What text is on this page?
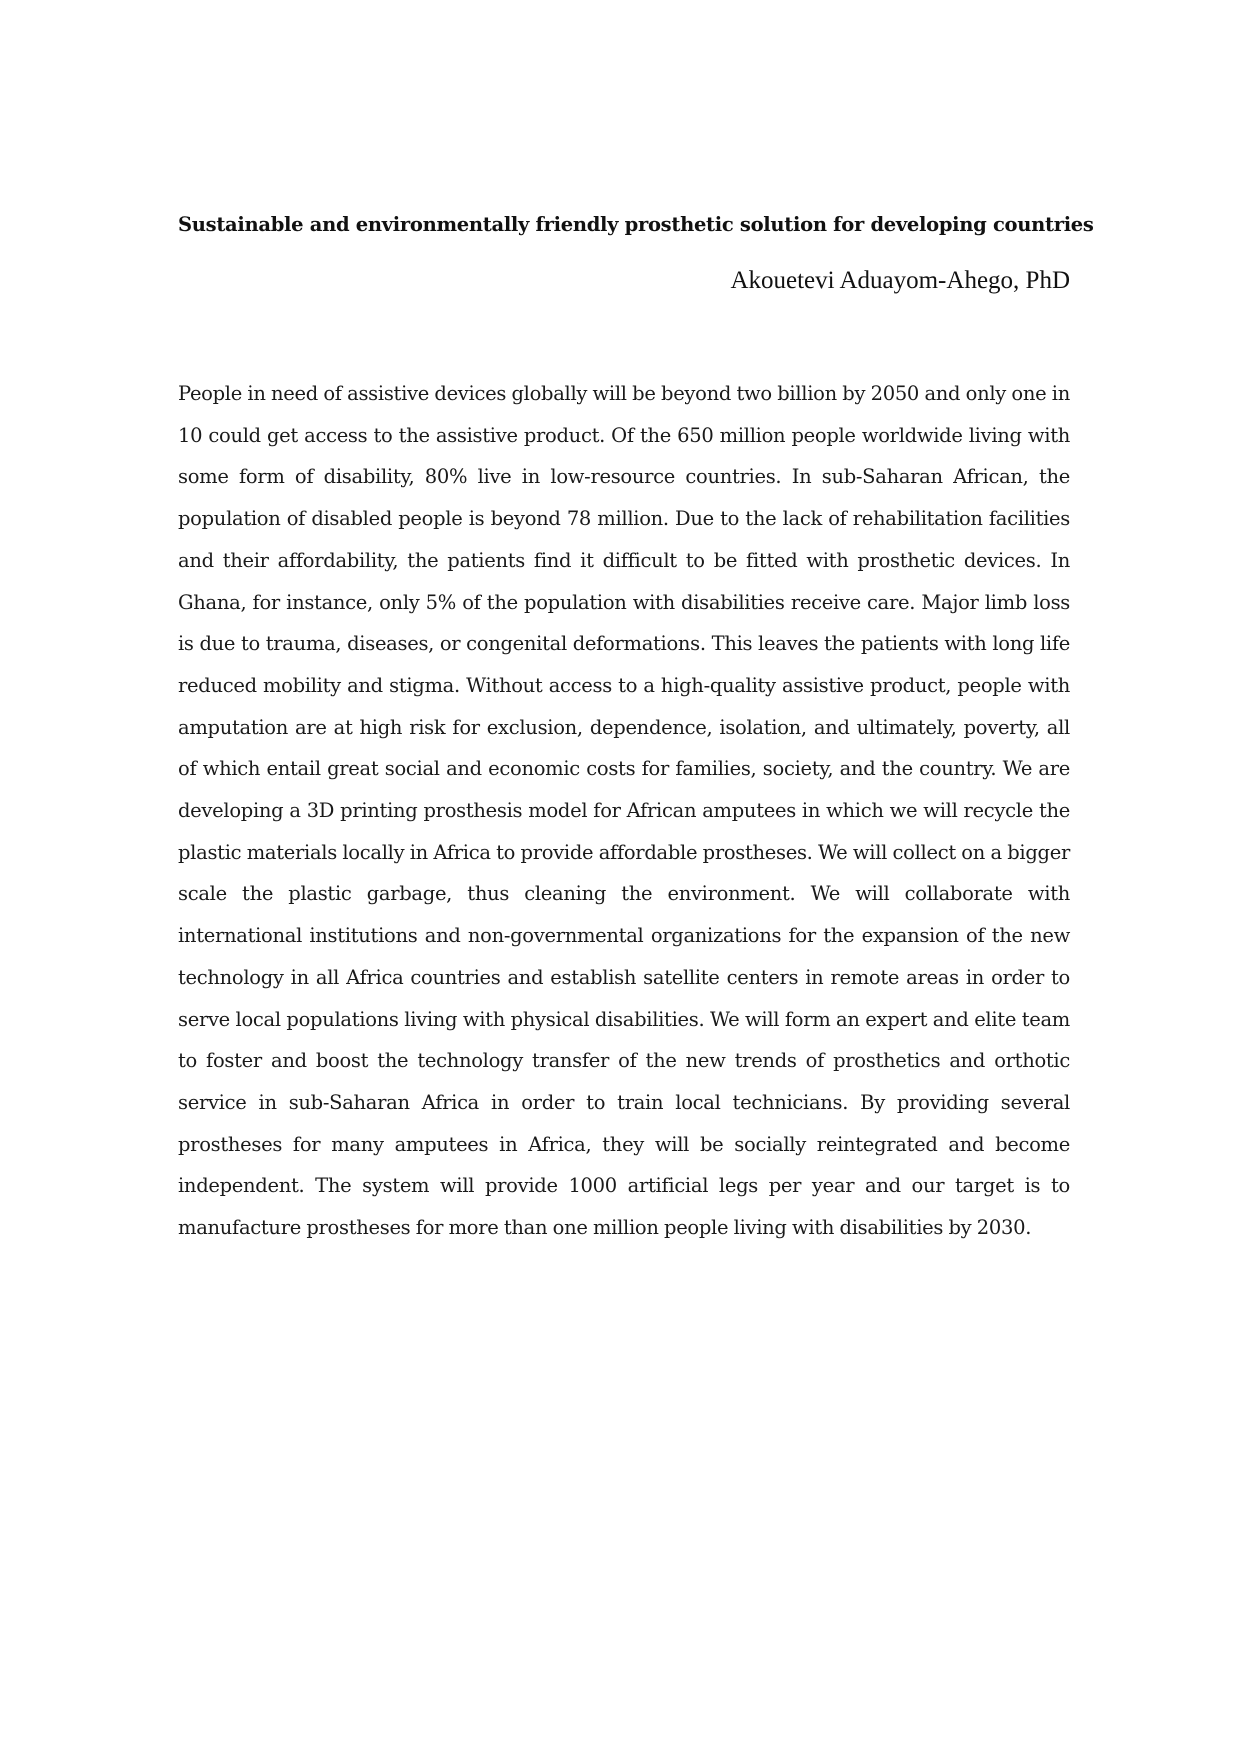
Sustainable and environmentally friendly prosthetic solution for developing countries
Akouetevi Aduayom-Ahego, PhD

People in need of assistive devices globally will be beyond two billion by 2050 and only one in 10 could get access to the assistive product. Of the 650 million people worldwide living with some form of disability, 80% live in low-resource countries. In sub-Saharan African, the population of disabled people is beyond 78 million. Due to the lack of rehabilitation facilities and their affordability, the patients find it difficult to be fitted with prosthetic devices. In Ghana, for instance, only 5% of the population with disabilities receive care. Major limb loss is due to trauma, diseases, or congenital deformations. This leaves the patients with long life reduced mobility and stigma. Without access to a high-quality assistive product, people with amputation are at high risk for exclusion, dependence, isolation, and ultimately, poverty, all of which entail great social and economic costs for families, society, and the country. We are developing a 3D printing prosthesis model for African amputees in which we will recycle the plastic materials locally in Africa to provide affordable prostheses. We will collect on a bigger scale the plastic garbage, thus cleaning the environment. We will collaborate with international institutions and non-governmental organizations for the expansion of the new technology in all Africa countries and establish satellite centers in remote areas in order to serve local populations living with physical disabilities. We will form an expert and elite team to foster and boost the technology transfer of the new trends of prosthetics and orthotic service in sub-Saharan Africa in order to train local technicians. By providing several prostheses for many amputees in Africa, they will be socially reintegrated and become independent. The system will provide 1000 artificial legs per year and our target is to manufacture prostheses for more than one million people living with disabilities by 2030.
